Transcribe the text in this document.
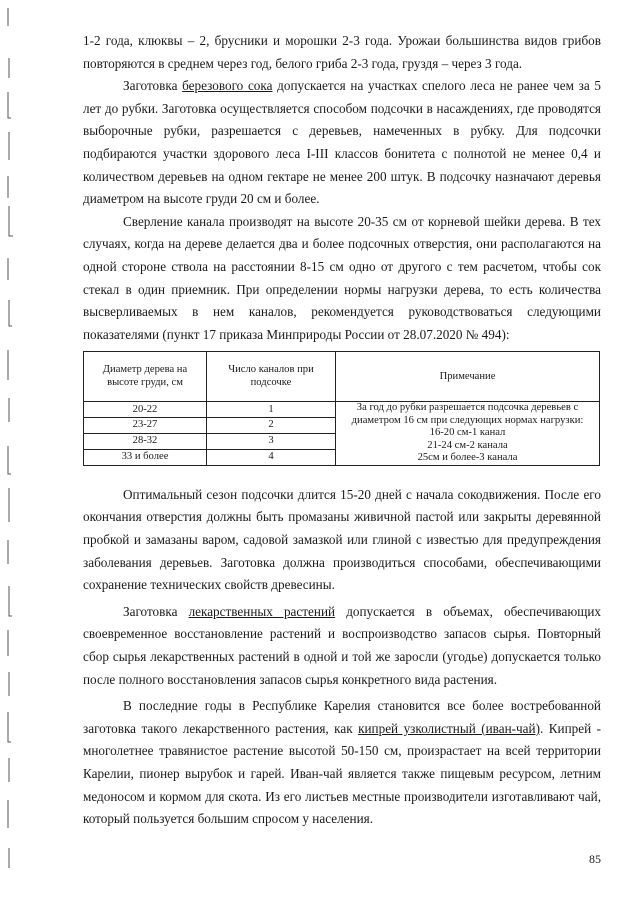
1-2 года, клюквы – 2, брусники и морошки 2-3 года. Урожаи большинства видов грибов повторяются в среднем через год, белого гриба 2-3 года, груздя – через 3 года.

Заготовка березового сока допускается на участках спелого леса не ранее чем за 5 лет до рубки. Заготовка осуществляется способом подсочки в насаждениях, где проводятся выборочные рубки, разрешается с деревьев, намеченных в рубку. Для подсочки подбираются участки здорового леса I-III классов бонитета с полнотой не менее 0,4 и количеством деревьев на одном гектаре не менее 200 штук. В подсочку назначают деревья диаметром на высоте груди 20 см и более.

Сверление канала производят на высоте 20-35 см от корневой шейки дерева. В тех случаях, когда на дереве делается два и более подсочных отверстия, они располагаются на одной стороне ствола на расстоянии 8-15 см одно от другого с тем расчетом, чтобы сок стекал в один приемник. При определении нормы нагрузки дерева, то есть количества высверливаемых в нем каналов, рекомендуется руководствоваться следующими показателями (пункт 17 приказа Минприроды России от 28.07.2020 № 494):

Диаметр дерева на высоте груди, см	Число каналов при подсочке	Примечание
20-22	1	За год до рубки разрешается подсочка деревьев с диаметром 16 см при следующих нормах нагрузки:
16-20 см-1 канал
21-24 см-2 канала
25см и более-3 канала

23-27	2	
28-32	3	
33 и более	4	

Оптимальный сезон подсочки длится 15-20 дней с начала сокодвижения. После его окончания отверстия должны быть промазаны живичной пастой или закрыты деревянной пробкой и замазаны варом, садовой замазкой или глиной с известью для предупреждения заболевания деревьев. Заготовка должна производиться способами, обеспечивающими сохранение технических свойств древесины.

Заготовка лекарственных растений допускается в объемах, обеспечивающих своевременное восстановление растений и воспроизводство запасов сырья. Повторный сбор сырья лекарственных растений в одной и той же заросли (угодье) допускается только после полного восстановления запасов сырья конкретного вида растения.

В последние годы в Республике Карелия становится все более востребованной заготовка такого лекарственного растения, как кипрей узколистный (иван-чай). Кипрей - многолетнее травянистое растение высотой 50-150 см, произрастает на всей территории Карелии, пионер вырубок и гарей. Иван-чай является также пищевым ресурсом, летним медоносом и кормом для скота. Из его листьев местные производители изготавливают чай, который пользуется большим спросом у населения.

85
